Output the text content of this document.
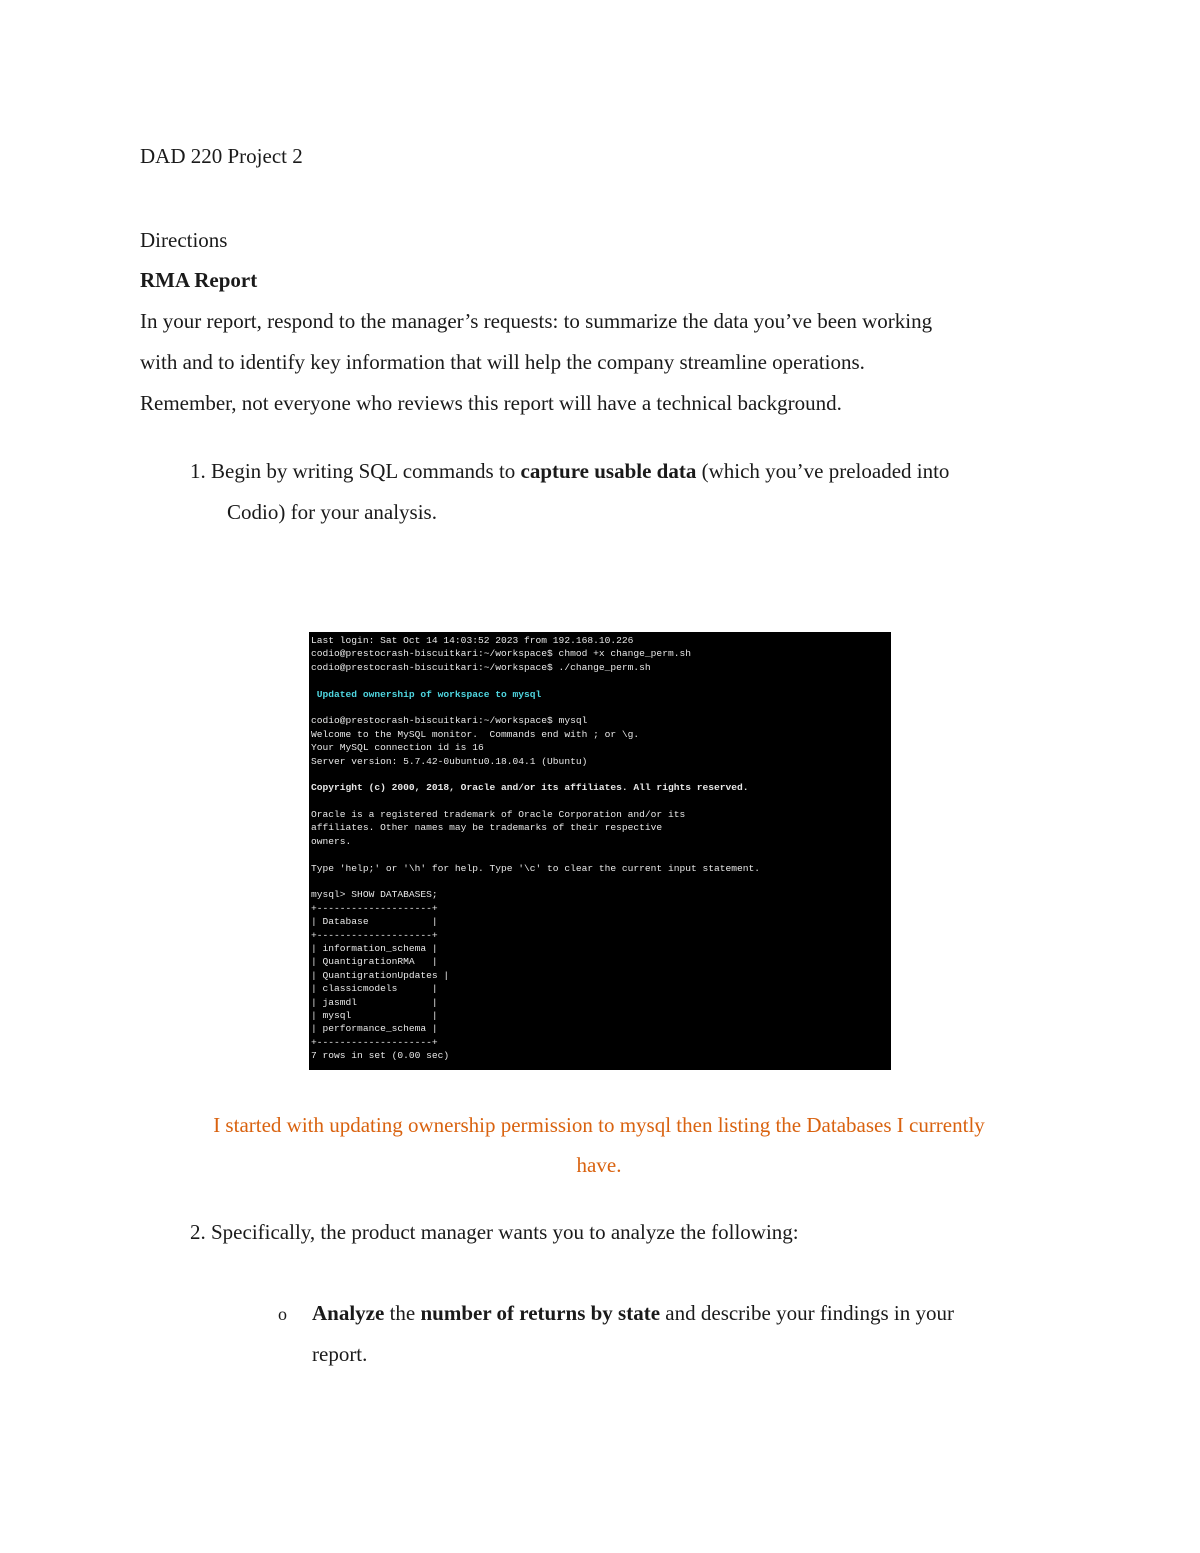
DAD 220 Project 2
Directions
RMA Report
In your report, respond to the manager’s requests: to summarize the data you’ve been working
with and to identify key information that will help the company streamline operations.
Remember, not everyone who reviews this report will have a technical background.
1. Begin by writing SQL commands to capture usable data (which you’ve preloaded into
Codio) for your analysis.
Last login: Sat Oct 14 14:03:52 2023 from 192.168.10.226
codio@prestocrash-biscuitkari:~/workspace$ chmod +x change_perm.sh
codio@prestocrash-biscuitkari:~/workspace$ ./change_perm.sh
Updated ownership of workspace to mysql
codio@prestocrash-biscuitkari:~/workspace$ mysql
Welcome to the MySQL monitor.  Commands end with ; or \g.
Your MySQL connection id is 16
Server version: 5.7.42-0ubuntu0.18.04.1 (Ubuntu)
Copyright (c) 2000, 2018, Oracle and/or its affiliates. All rights reserved.
Oracle is a registered trademark of Oracle Corporation and/or its
affiliates. Other names may be trademarks of their respective
owners.
Type 'help;' or '\h' for help. Type '\c' to clear the current input statement.
mysql> SHOW DATABASES;
+--------------------+
| Database           |
+--------------------+
| information_schema |
| QuantigrationRMA   |
| QuantigrationUpdates |
| classicmodels      |
| jasmdl             |
| mysql              |
| performance_schema |
+--------------------+
7 rows in set (0.00 sec)
I started with updating ownership permission to mysql then listing the Databases I currently
have.
2. Specifically, the product manager wants you to analyze the following:
o Analyze the number of returns by state and describe your findings in your
report.
